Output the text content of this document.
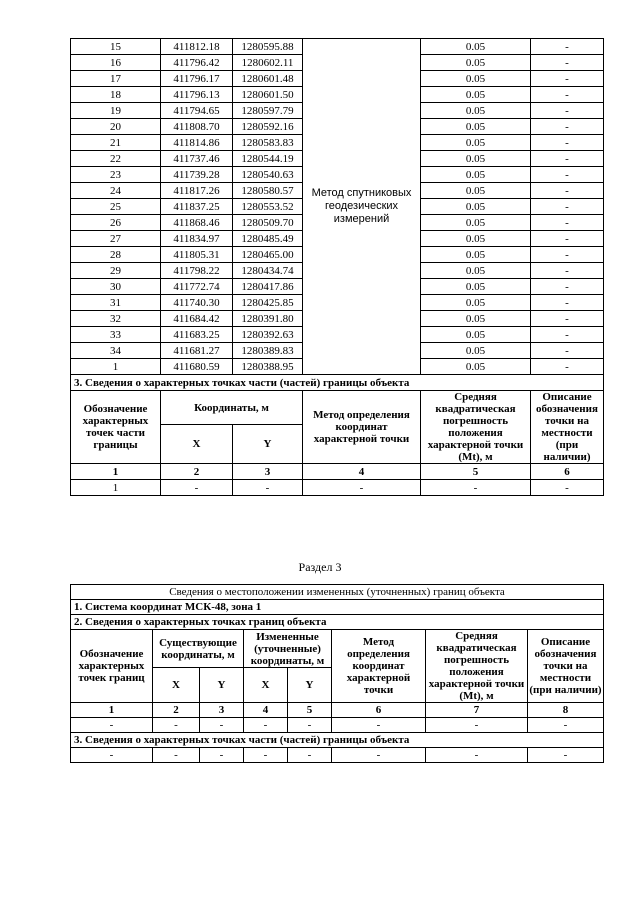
15	411812.18	1280595.88	Метод спутниковых геодезических измерений	0.05	-
16	411796.42	1280602.11		0.05	-
17	411796.17	1280601.48		0.05	-
18	411796.13	1280601.50		0.05	-
19	411794.65	1280597.79		0.05	-
20	411808.70	1280592.16		0.05	-
21	411814.86	1280583.83		0.05	-
22	411737.46	1280544.19		0.05	-
23	411739.28	1280540.63		0.05	-
24	411817.26	1280580.57		0.05	-
25	411837.25	1280553.52		0.05	-
26	411868.46	1280509.70		0.05	-
27	411834.97	1280485.49		0.05	-
28	411805.31	1280465.00		0.05	-
29	411798.22	1280434.74		0.05	-
30	411772.74	1280417.86		0.05	-
31	411740.30	1280425.85		0.05	-
32	411684.42	1280391.80		0.05	-
33	411683.25	1280392.63		0.05	-
34	411681.27	1280389.83		0.05	-
1	411680.59	1280388.95		0.05	-
3. Сведения о характерных точках части (частей) границы объекта					
Обозначение характерных точек части границы	Координаты, м		Метод определения координат характерной точки	Средняя квадратическая погрешность положения характерной точки (Mt), м	Описание обозначения точки на местности (при наличии)
	X	Y			
1	2	3	4	5	6
1	-	-	-	-	-
Раздел 3
Сведения о местоположении измененных (уточненных) границ объекта							
1. Система координат МСК-48, зона 1							
2. Сведения о характерных точках границ объекта							
Обозначение характерных точек границ	Существующие координаты, м		Измененные (уточненные) координаты, м		Метод определения координат характерной точки	Средняя квадратическая погрешность положения характерной точки (Mt), м	Описание обозначения точки на местности (при наличии)
	X	Y	X	Y			
1	2	3	4	5	6	7	8
-	-	-	-	-	-	-	-
3. Сведения о характерных точках части (частей) границы объекта							
-	-	-	-	-	-	-	-
